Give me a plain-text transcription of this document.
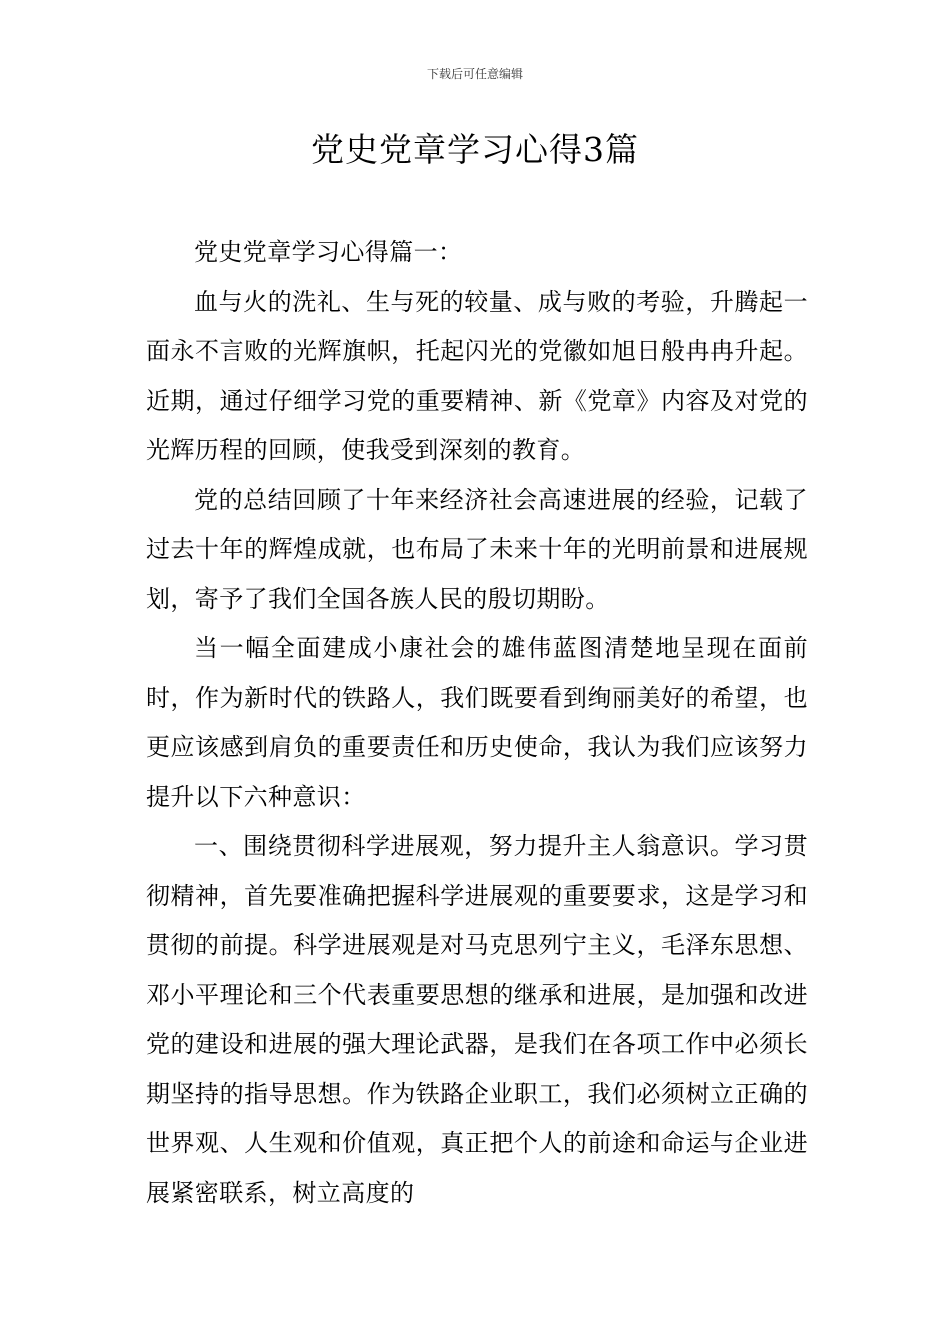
下载后可任意编辑
党史党章学习心得3篇

党史党章学习心得篇一：

血与火的洗礼、生与死的较量、成与败的考验，升腾起一面永不言败的光辉旗帜，托起闪光的党徽如旭日般冉冉升起。近期，通过仔细学习党的重要精神、新《党章》内容及对党的光辉历程的回顾，使我受到深刻的教育。

党的总结回顾了十年来经济社会高速进展的经验，记载了过去十年的辉煌成就，也布局了未来十年的光明前景和进展规划，寄予了我们全国各族人民的殷切期盼。

当一幅全面建成小康社会的雄伟蓝图清楚地呈现在面前时，作为新时代的铁路人，我们既要看到绚丽美好的希望，也更应该感到肩负的重要责任和历史使命，我认为我们应该努力提升以下六种意识：

一、围绕贯彻科学进展观，努力提升主人翁意识。学习贯彻精神，首先要准确把握科学进展观的重要要求，这是学习和贯彻的前提。科学进展观是对马克思列宁主义，毛泽东思想、邓小平理论和三个代表重要思想的继承和进展，是加强和改进党的建设和进展的强大理论武器，是我们在各项工作中必须长期坚持的指导思想。作为铁路企业职工，我们必须树立正确的世界观、人生观和价值观，真正把个人的前途和命运与企业进展紧密联系，树立高度的
